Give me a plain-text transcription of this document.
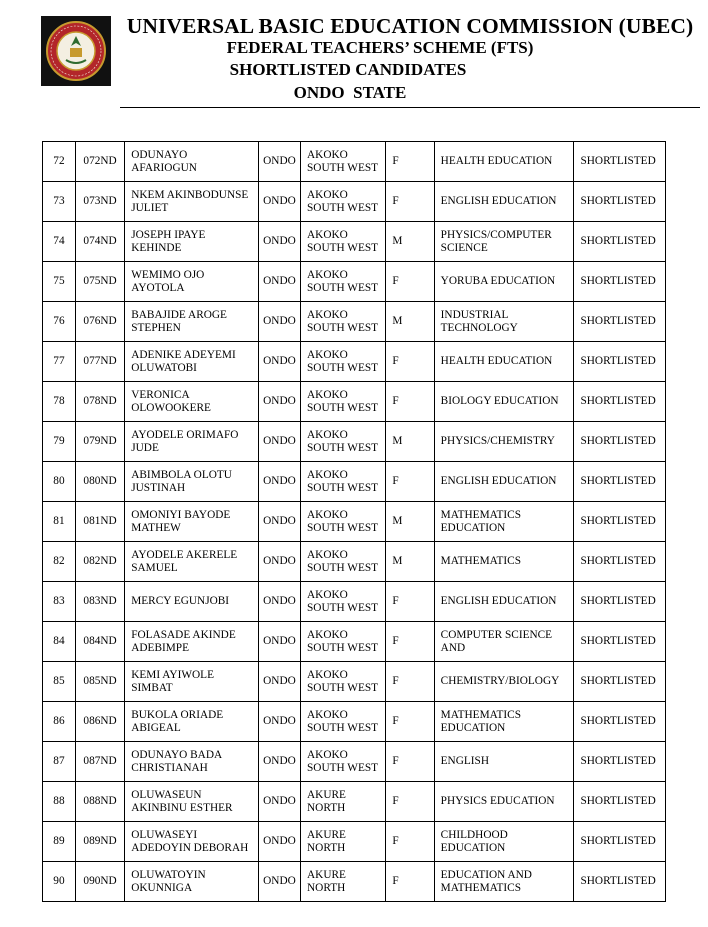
UNIVERSAL BASIC EDUCATION COMMISSION (UBEC)
FEDERAL TEACHERS’ SCHEME (FTS)
SHORTLISTED CANDIDATES
ONDO  STATE
72	072ND	ODUNAYO AFARIOGUN	ONDO	AKOKO SOUTH WEST	F	HEALTH EDUCATION	SHORTLISTED
73	073ND	NKEM AKINBODUNSE JULIET	ONDO	AKOKO SOUTH WEST	F	ENGLISH EDUCATION	SHORTLISTED
74	074ND	JOSEPH IPAYE KEHINDE	ONDO	AKOKO SOUTH WEST	M	PHYSICS/COMPUTER SCIENCE	SHORTLISTED
75	075ND	WEMIMO OJO AYOTOLA	ONDO	AKOKO SOUTH WEST	F	YORUBA EDUCATION	SHORTLISTED
76	076ND	BABAJIDE AROGE STEPHEN	ONDO	AKOKO SOUTH WEST	M	INDUSTRIAL TECHNOLOGY	SHORTLISTED
77	077ND	ADENIKE ADEYEMI OLUWATOBI	ONDO	AKOKO SOUTH WEST	F	HEALTH EDUCATION	SHORTLISTED
78	078ND	VERONICA OLOWOOKERE	ONDO	AKOKO SOUTH WEST	F	BIOLOGY EDUCATION	SHORTLISTED
79	079ND	AYODELE ORIMAFO JUDE	ONDO	AKOKO SOUTH WEST	M	PHYSICS/CHEMISTRY	SHORTLISTED
80	080ND	ABIMBOLA OLOTU JUSTINAH	ONDO	AKOKO SOUTH WEST	F	ENGLISH EDUCATION	SHORTLISTED
81	081ND	OMONIYI BAYODE MATHEW	ONDO	AKOKO SOUTH WEST	M	MATHEMATICS EDUCATION	SHORTLISTED
82	082ND	AYODELE AKERELE SAMUEL	ONDO	AKOKO SOUTH WEST	M	MATHEMATICS	SHORTLISTED
83	083ND	MERCY EGUNJOBI	ONDO	AKOKO SOUTH WEST	F	ENGLISH EDUCATION	SHORTLISTED
84	084ND	FOLASADE AKINDE ADEBIMPE	ONDO	AKOKO SOUTH WEST	F	COMPUTER SCIENCE AND	SHORTLISTED
85	085ND	KEMI AYIWOLE SIMBAT	ONDO	AKOKO SOUTH WEST	F	CHEMISTRY/BIOLOGY	SHORTLISTED
86	086ND	BUKOLA ORIADE ABIGEAL	ONDO	AKOKO SOUTH WEST	F	MATHEMATICS EDUCATION	SHORTLISTED
87	087ND	ODUNAYO BADA CHRISTIANAH	ONDO	AKOKO SOUTH WEST	F	ENGLISH	SHORTLISTED
88	088ND	OLUWASEUN AKINBINU ESTHER	ONDO	AKURE NORTH	F	PHYSICS EDUCATION	SHORTLISTED
89	089ND	OLUWASEYI ADEDOYIN DEBORAH	ONDO	AKURE NORTH	F	CHILDHOOD EDUCATION	SHORTLISTED
90	090ND	OLUWATOYIN OKUNNIGA	ONDO	AKURE NORTH	F	EDUCATION AND MATHEMATICS	SHORTLISTED
